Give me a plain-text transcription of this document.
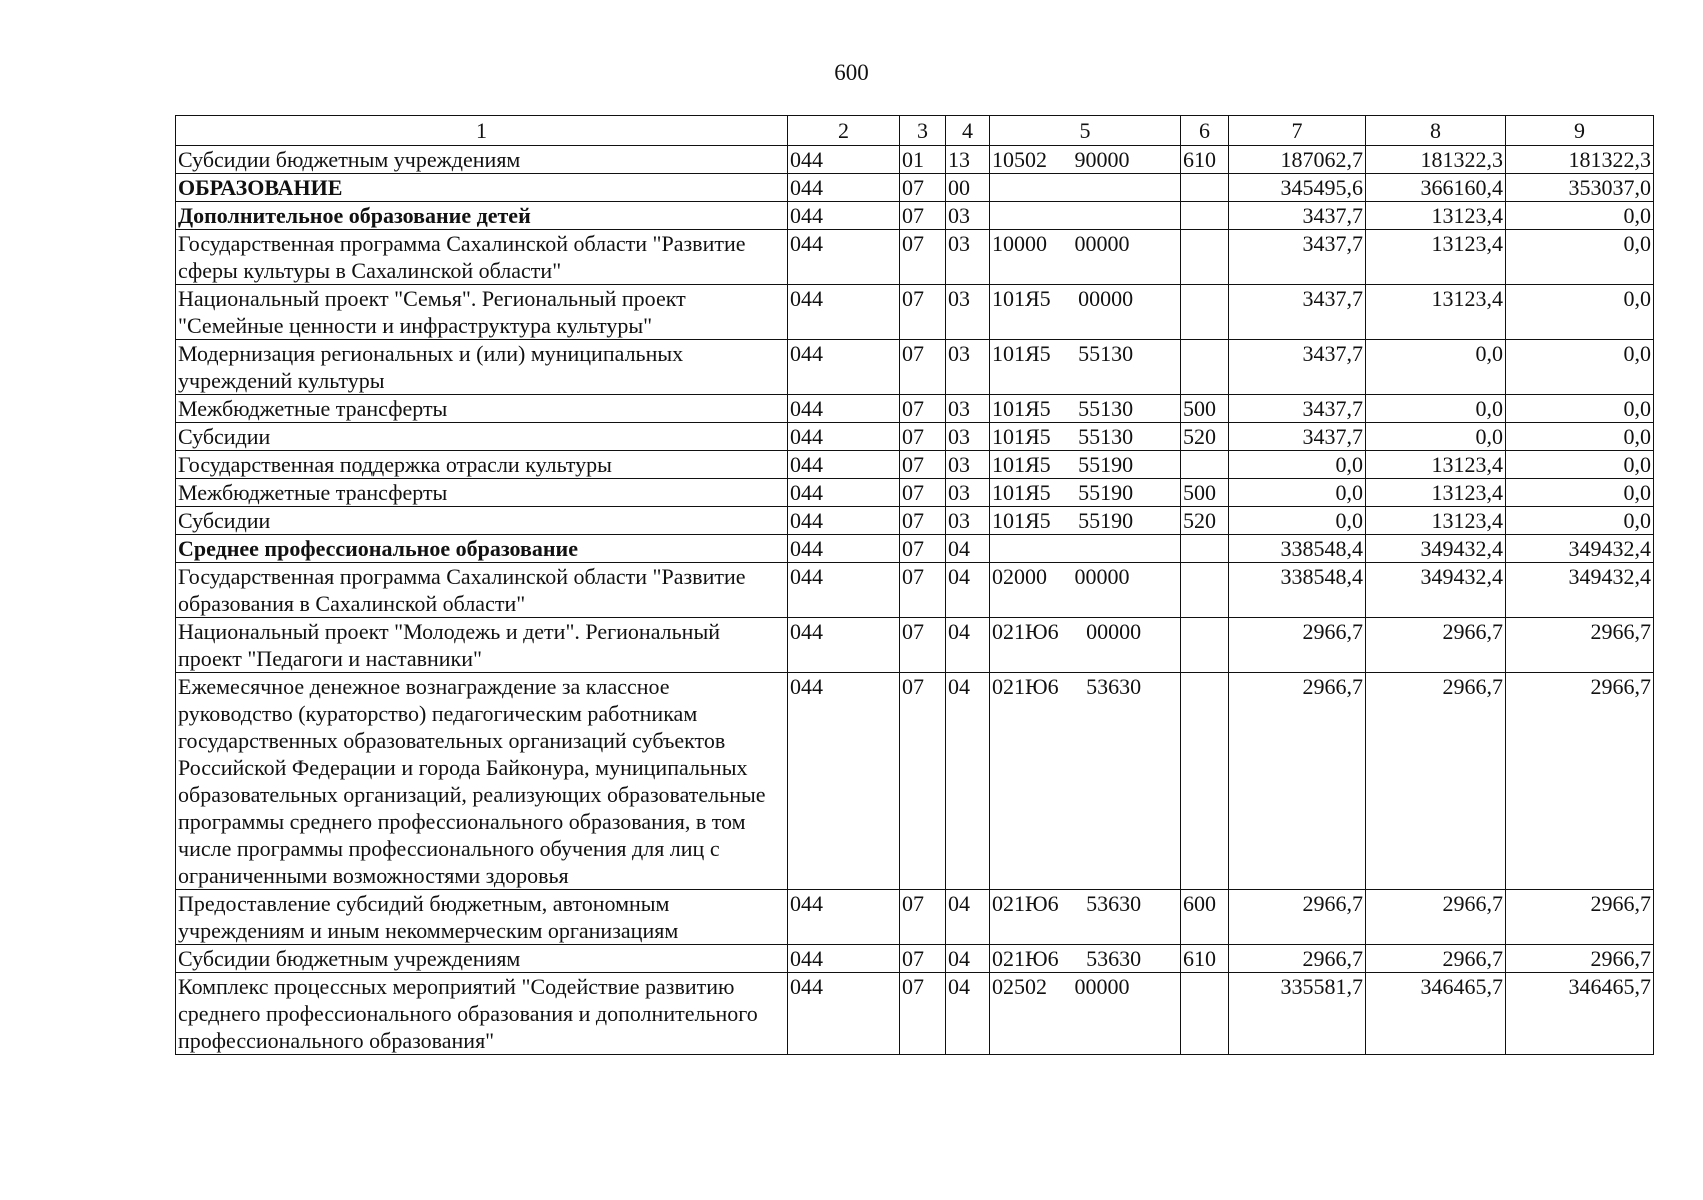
600
1	2	3	4	5	6	7	8	9
Субсидии бюджетным учреждениям	044	01	13	10502     90000	610	187062,7	181322,3	181322,3
ОБРАЗОВАНИЕ	044	07	00			345495,6	366160,4	353037,0
Дополнительное образование детей	044	07	03			3437,7	13123,4	0,0
Государственная программа Сахалинской области "Развитие сферы культуры в Сахалинской области"	044	07	03	10000     00000		3437,7	13123,4	0,0
Национальный проект "Семья". Региональный проект "Семейные ценности и инфраструктура культуры"	044	07	03	101Я5     00000		3437,7	13123,4	0,0
Модернизация региональных и (или) муниципальных учреждений культуры	044	07	03	101Я5     55130		3437,7	0,0	0,0
Межбюджетные трансферты	044	07	03	101Я5     55130	500	3437,7	0,0	0,0
Субсидии	044	07	03	101Я5     55130	520	3437,7	0,0	0,0
Государственная поддержка отрасли культуры	044	07	03	101Я5     55190		0,0	13123,4	0,0
Межбюджетные трансферты	044	07	03	101Я5     55190	500	0,0	13123,4	0,0
Субсидии	044	07	03	101Я5     55190	520	0,0	13123,4	0,0
Среднее профессиональное образование	044	07	04			338548,4	349432,4	349432,4
Государственная программа Сахалинской области "Развитие образования в Сахалинской области"	044	07	04	02000     00000		338548,4	349432,4	349432,4
Национальный проект "Молодежь и дети". Региональный проект "Педагоги и наставники"	044	07	04	021Ю6     00000		2966,7	2966,7	2966,7
Ежемесячное денежное вознаграждение за классное руководство (кураторство) педагогическим работникам государственных образовательных организаций субъектов Российской Федерации и города Байконура, муниципальных образовательных организаций, реализующих образовательные программы среднего профессионального образования, в том числе программы профессионального обучения для лиц с ограниченными возможностями здоровья	044	07	04	021Ю6     53630		2966,7	2966,7	2966,7
Предоставление субсидий бюджетным, автономным учреждениям и иным некоммерческим организациям	044	07	04	021Ю6     53630	600	2966,7	2966,7	2966,7
Субсидии бюджетным учреждениям	044	07	04	021Ю6     53630	610	2966,7	2966,7	2966,7
Комплекс процессных мероприятий "Содействие развитию среднего профессионального образования и дополнительного профессионального образования"	044	07	04	02502     00000		335581,7	346465,7	346465,7
